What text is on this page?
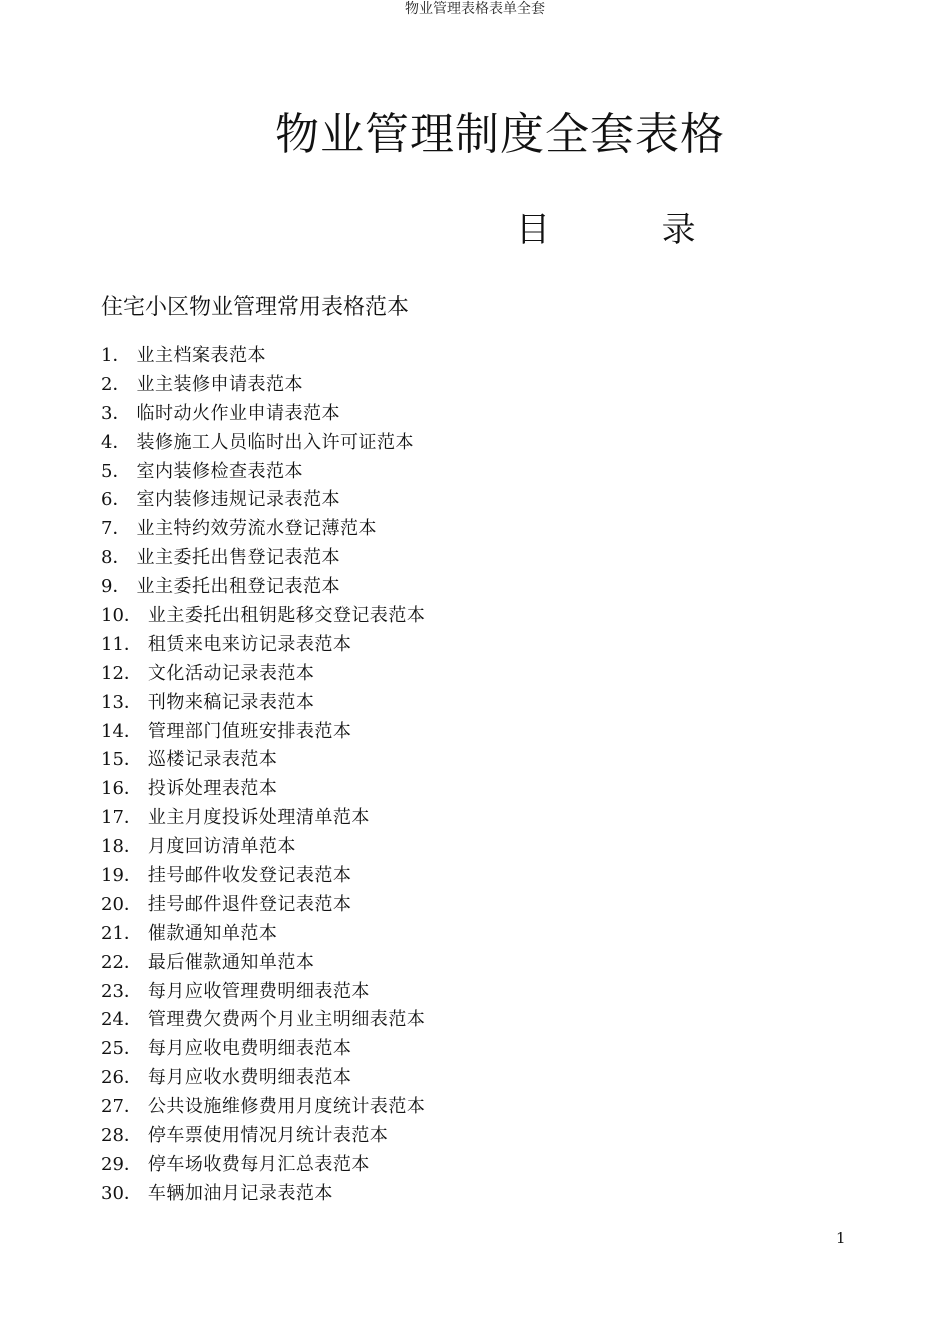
物业管理表格表单全套
物业管理制度全套表格
目  录
住宅小区物业管理常用表格范本
1． 业主档案表范本
2． 业主装修申请表范本
3． 临时动火作业申请表范本
4． 装修施工人员临时出入许可证范本
5． 室内装修检查表范本
6． 室内装修违规记录表范本
7． 业主特约效劳流水登记薄范本
8． 业主委托出售登记表范本
9． 业主委托出租登记表范本
10． 业主委托出租钥匙移交登记表范本
11． 租赁来电来访记录表范本
12． 文化活动记录表范本
13． 刊物来稿记录表范本
14． 管理部门值班安排表范本
15． 巡楼记录表范本
16． 投诉处理表范本
17． 业主月度投诉处理清单范本
18． 月度回访清单范本
19． 挂号邮件收发登记表范本
20． 挂号邮件退件登记表范本
21． 催款通知单范本
22． 最后催款通知单范本
23． 每月应收管理费明细表范本
24． 管理费欠费两个月业主明细表范本
25． 每月应收电费明细表范本
26． 每月应收水费明细表范本
27． 公共设施维修费用月度统计表范本
28． 停车票使用情况月统计表范本
29． 停车场收费每月汇总表范本
30． 车辆加油月记录表范本
1
